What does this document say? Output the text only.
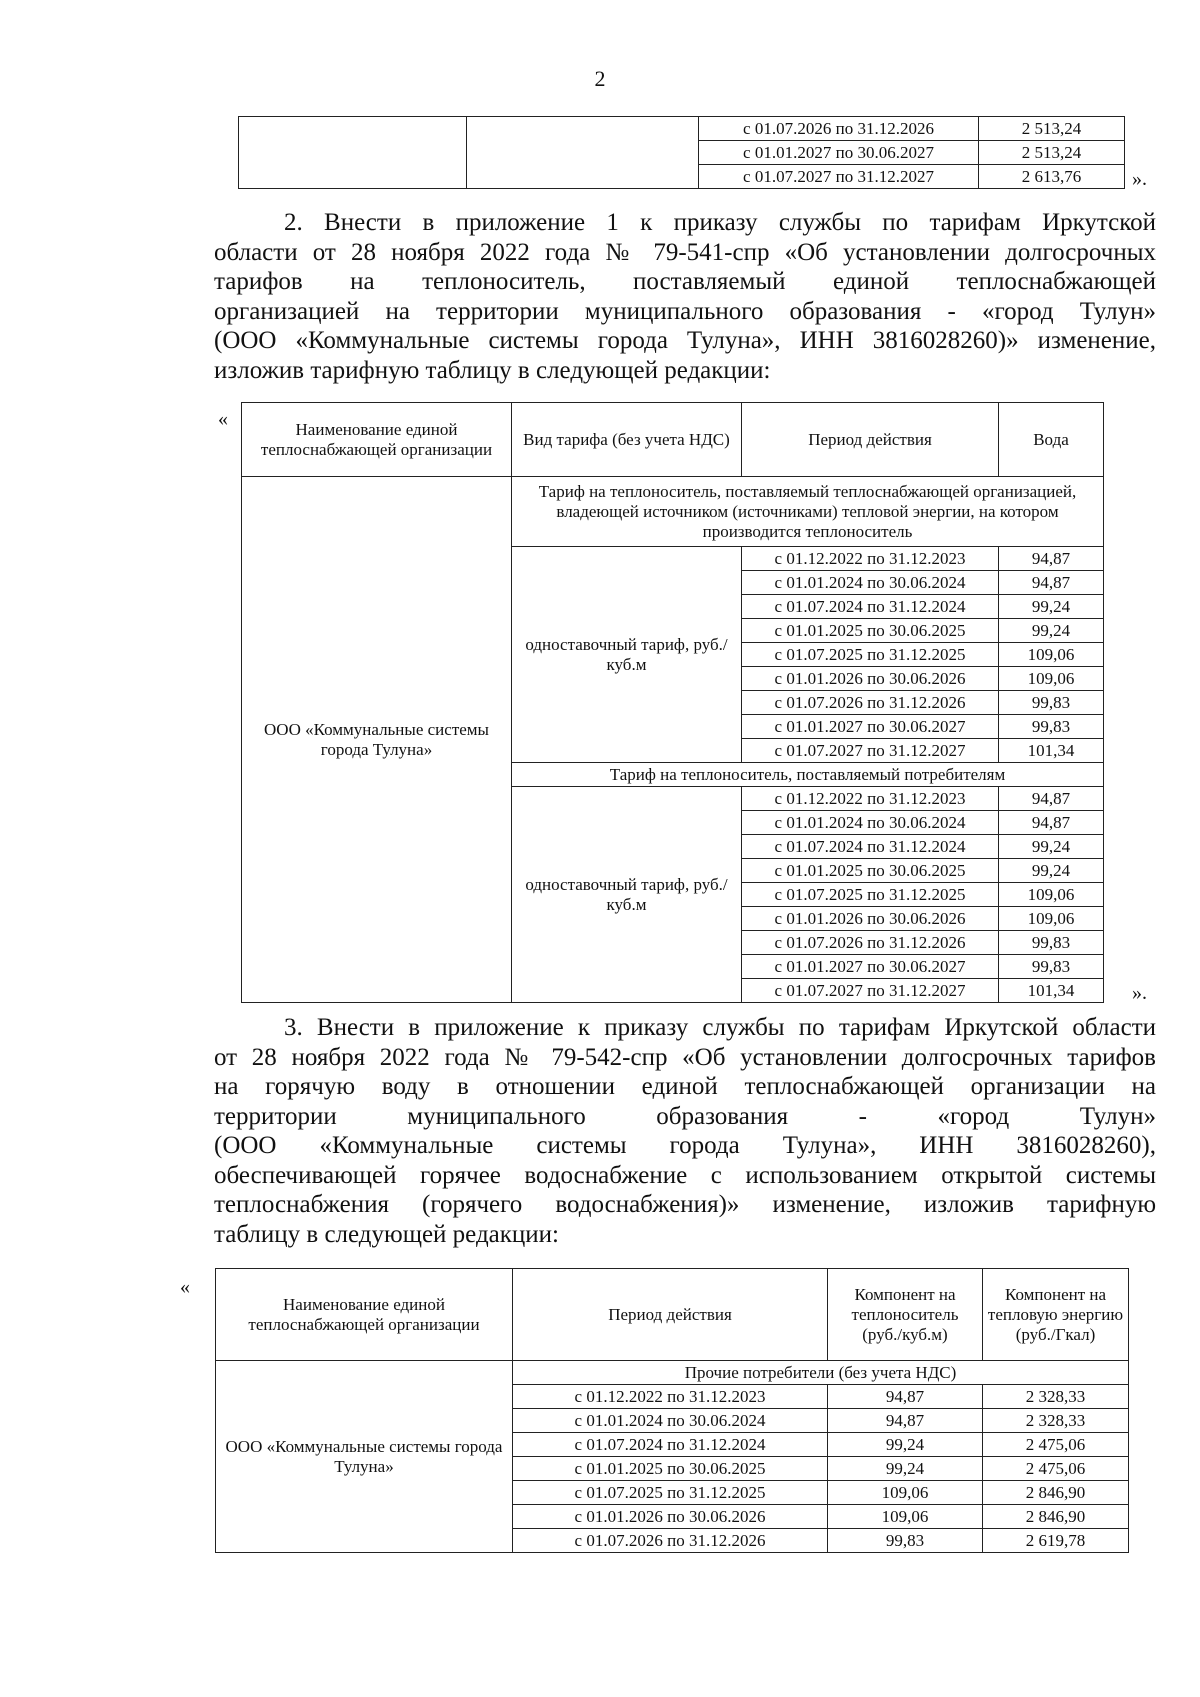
2
		с 01.07.2026 по 31.12.2026	2 513,24
		с 01.01.2027 по 30.06.2027	2 513,24
		с 01.07.2027 по 31.12.2027	2 613,76	».
2. Внести в приложение 1 к приказу службы по тарифам Иркутской
области от 28 ноября 2022 года № 79-541-спр «Об установлении долгосрочных
тарифов на теплоноситель, поставляемый единой теплоснабжающей
организацией на территории муниципального образования - «город Тулун»
(ООО «Коммунальные системы города Тулуна», ИНН 3816028260)» изменение,
изложив тарифную таблицу в следующей редакции:
«	Наименование единой теплоснабжающей организации	Вид тарифа (без учета НДС)	Период действия	Вода
ООО «Коммунальные системы города Тулуна»	Тариф на теплоноситель, поставляемый теплоснабжающей организацией, владеющей источником (источниками) тепловой энергии, на котором производится теплоноситель		
	одноставочный тариф, руб./куб.м	с 01.12.2022 по 31.12.2023	94,87
		с 01.01.2024 по 30.06.2024	94,87
		с 01.07.2024 по 31.12.2024	99,24
		с 01.01.2025 по 30.06.2025	99,24
		с 01.07.2025 по 31.12.2025	109,06
		с 01.01.2026 по 30.06.2026	109,06
		с 01.07.2026 по 31.12.2026	99,83
		с 01.01.2027 по 30.06.2027	99,83
		с 01.07.2027 по 31.12.2027	101,34
	Тариф на теплоноситель, поставляемый потребителям		
	одноставочный тариф, руб./куб.м	с 01.12.2022 по 31.12.2023	94,87
		с 01.01.2024 по 30.06.2024	94,87
		с 01.07.2024 по 31.12.2024	99,24
		с 01.01.2025 по 30.06.2025	99,24
		с 01.07.2025 по 31.12.2025	109,06
		с 01.01.2026 по 30.06.2026	109,06
		с 01.07.2026 по 31.12.2026	99,83
		с 01.01.2027 по 30.06.2027	99,83
		с 01.07.2027 по 31.12.2027	101,34	».
3. Внести в приложение к приказу службы по тарифам Иркутской области
от 28 ноября 2022 года № 79-542-спр «Об установлении долгосрочных тарифов
на горячую воду в отношении единой теплоснабжающей организации на
территории муниципального образования - «город Тулун»
(ООО «Коммунальные системы города Тулуна», ИНН 3816028260),
обеспечивающей горячее водоснабжение с использованием открытой системы
теплоснабжения (горячего водоснабжения)» изменение, изложив тарифную
таблицу в следующей редакции:
«
Наименование единой теплоснабжающей организации	Период действия	Компонент на теплоноситель (руб./куб.м)	Компонент на тепловую энергию (руб./Гкал)
ООО «Коммунальные системы города Тулуна»	Прочие потребители (без учета НДС)		
	с 01.12.2022 по 31.12.2023	94,87	2 328,33
	с 01.01.2024 по 30.06.2024	94,87	2 328,33
	с 01.07.2024 по 31.12.2024	99,24	2 475,06
	с 01.01.2025 по 30.06.2025	99,24	2 475,06
	с 01.07.2025 по 31.12.2025	109,06	2 846,90
	с 01.01.2026 по 30.06.2026	109,06	2 846,90
	с 01.07.2026 по 31.12.2026	99,83	2 619,78
